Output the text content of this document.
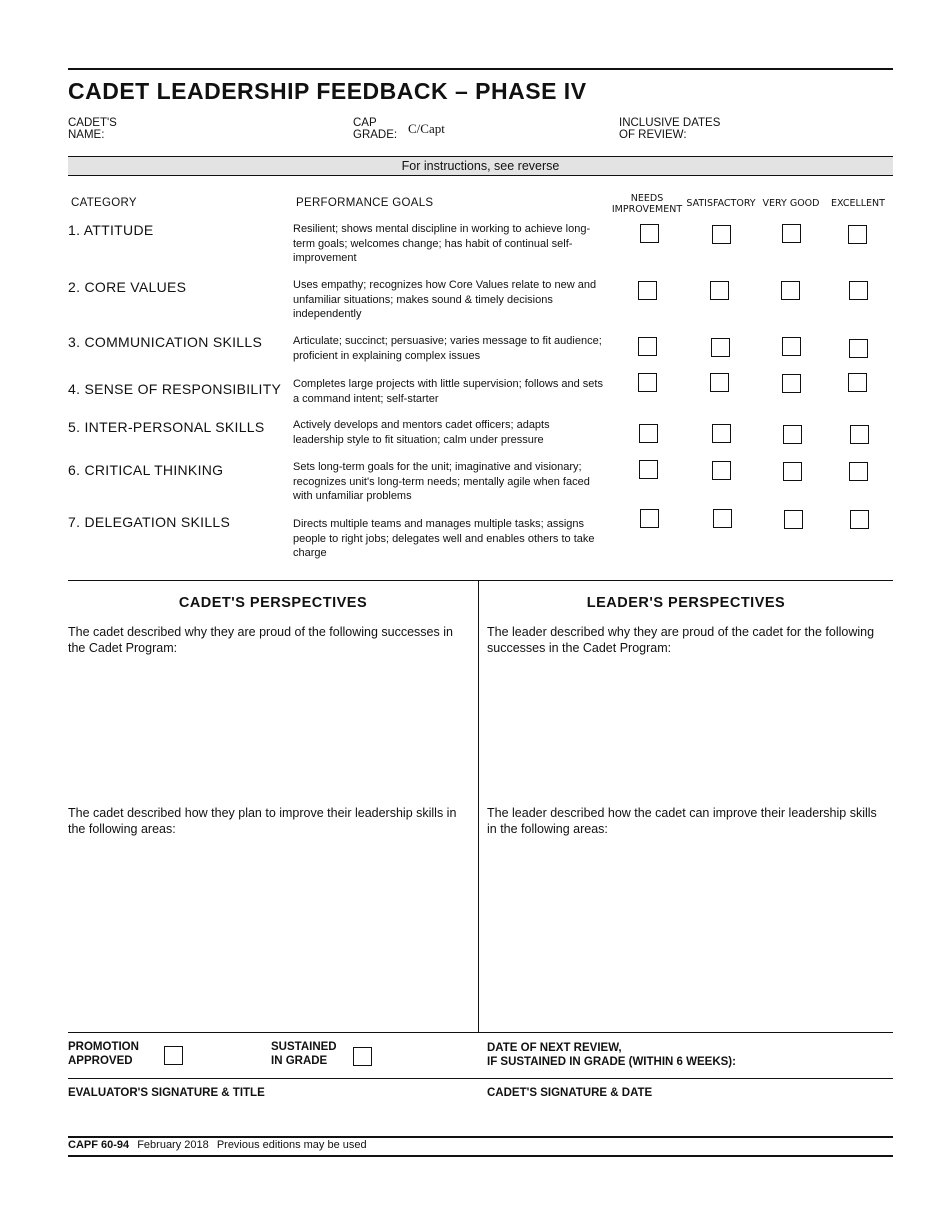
CADET LEADERSHIP FEEDBACK – PHASE IV
CADET'S
NAME:
CAP
GRADE: C/Capt	INCLUSIVE DATES
OF REVIEW:
For instructions, see reverse
CATEGORY	PERFORMANCE GOALS	NEEDS
IMPROVEMENT
SATISFACTORY VERY GOOD	EXCELLENT
1. ATTITUDE	Resilient; shows mental discipline in working to achieve long-term goals; welcomes change; has habit of continual self-improvement
2. CORE VALUES	Uses empathy; recognizes how Core Values relate to new and unfamiliar situations; makes sound & timely decisions independently
3. COMMUNICATION SKILLS	Articulate; succinct; persuasive; varies message to fit audience; proficient in explaining complex issues
4. SENSE OF RESPONSIBILITY Completes large projects with little supervision; follows and sets a command intent; self-starter
5. INTER-PERSONAL SKILLS	Actively develops and mentors cadet officers; adapts leadership style to fit situation; calm under pressure
6. CRITICAL THINKING	Sets long-term goals for the unit; imaginative and visionary; recognizes unit's long-term needs; mentally agile when faced with unfamiliar problems
7. DELEGATION SKILLS	Directs multiple teams and manages multiple tasks; assigns people to right jobs; delegates well and enables others to take charge
CADET'S PERSPECTIVES	LEADER'S PERSPECTIVES
The cadet described why they are proud of the following successes in the Cadet Program:
The leader described why they are proud of the cadet for the following successes in the Cadet Program:
The cadet described how they plan to improve their leadership skills in the following areas:
The leader described how the cadet can improve their leadership skills in the following areas:
PROMOTION
APPROVED
SUSTAINED
IN GRADE
DATE OF NEXT REVIEW,
IF SUSTAINED IN GRADE (WITHIN 6 WEEKS):
EVALUATOR'S SIGNATURE & TITLE	CADET'S SIGNATURE & DATE
CAPF 60-94 February 2018 Previous editions may be used
